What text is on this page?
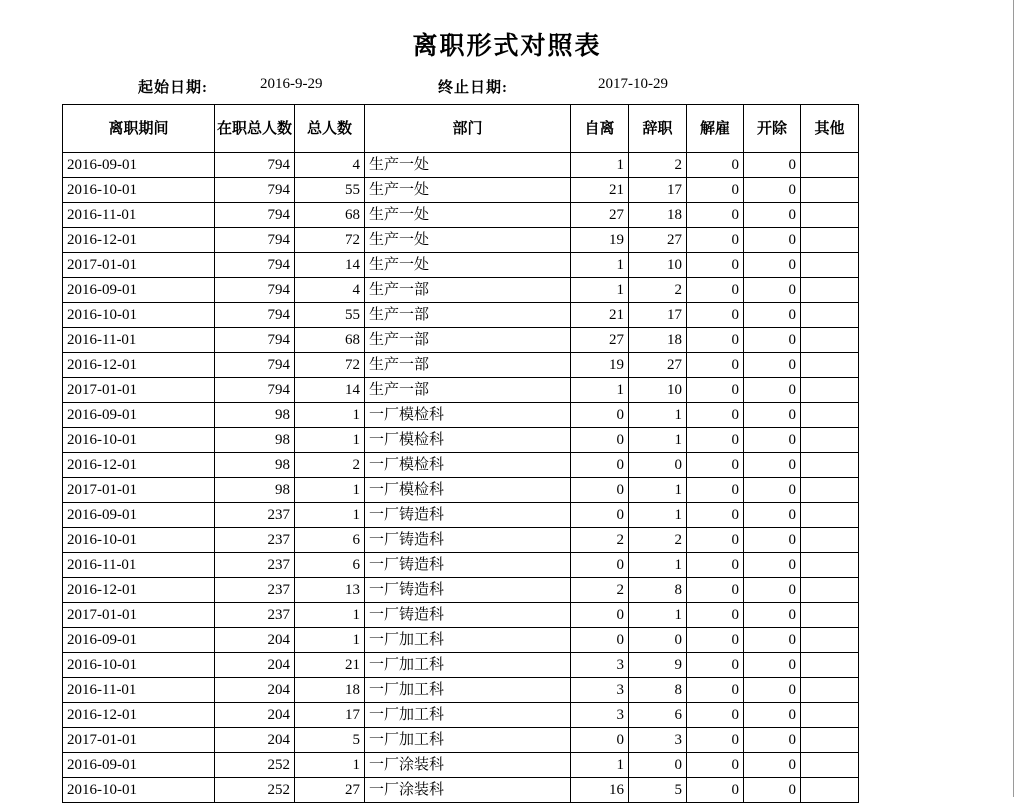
离职形式对照表
起始日期:	2016-9-29	终止日期:	2017-10-29
离职期间	在职总人数	总人数	部门	自离	辞职	解雇	开除	其他
2016-09-01	794	4	生产一处	1	2	0	0	
2016-10-01	794	55	生产一处	21	17	0	0	
2016-11-01	794	68	生产一处	27	18	0	0	
2016-12-01	794	72	生产一处	19	27	0	0	
2017-01-01	794	14	生产一处	1	10	0	0	
2016-09-01	794	4	生产一部	1	2	0	0	
2016-10-01	794	55	生产一部	21	17	0	0	
2016-11-01	794	68	生产一部	27	18	0	0	
2016-12-01	794	72	生产一部	19	27	0	0	
2017-01-01	794	14	生产一部	1	10	0	0	
2016-09-01	98	1	一厂模检科	0	1	0	0	
2016-10-01	98	1	一厂模检科	0	1	0	0	
2016-12-01	98	2	一厂模检科	0	0	0	0	
2017-01-01	98	1	一厂模检科	0	1	0	0	
2016-09-01	237	1	一厂铸造科	0	1	0	0	
2016-10-01	237	6	一厂铸造科	2	2	0	0	
2016-11-01	237	6	一厂铸造科	0	1	0	0	
2016-12-01	237	13	一厂铸造科	2	8	0	0	
2017-01-01	237	1	一厂铸造科	0	1	0	0	
2016-09-01	204	1	一厂加工科	0	0	0	0	
2016-10-01	204	21	一厂加工科	3	9	0	0	
2016-11-01	204	18	一厂加工科	3	8	0	0	
2016-12-01	204	17	一厂加工科	3	6	0	0	
2017-01-01	204	5	一厂加工科	0	3	0	0	
2016-09-01	252	1	一厂涂装科	1	0	0	0	
2016-10-01	252	27	一厂涂装科	16	5	0	0	
